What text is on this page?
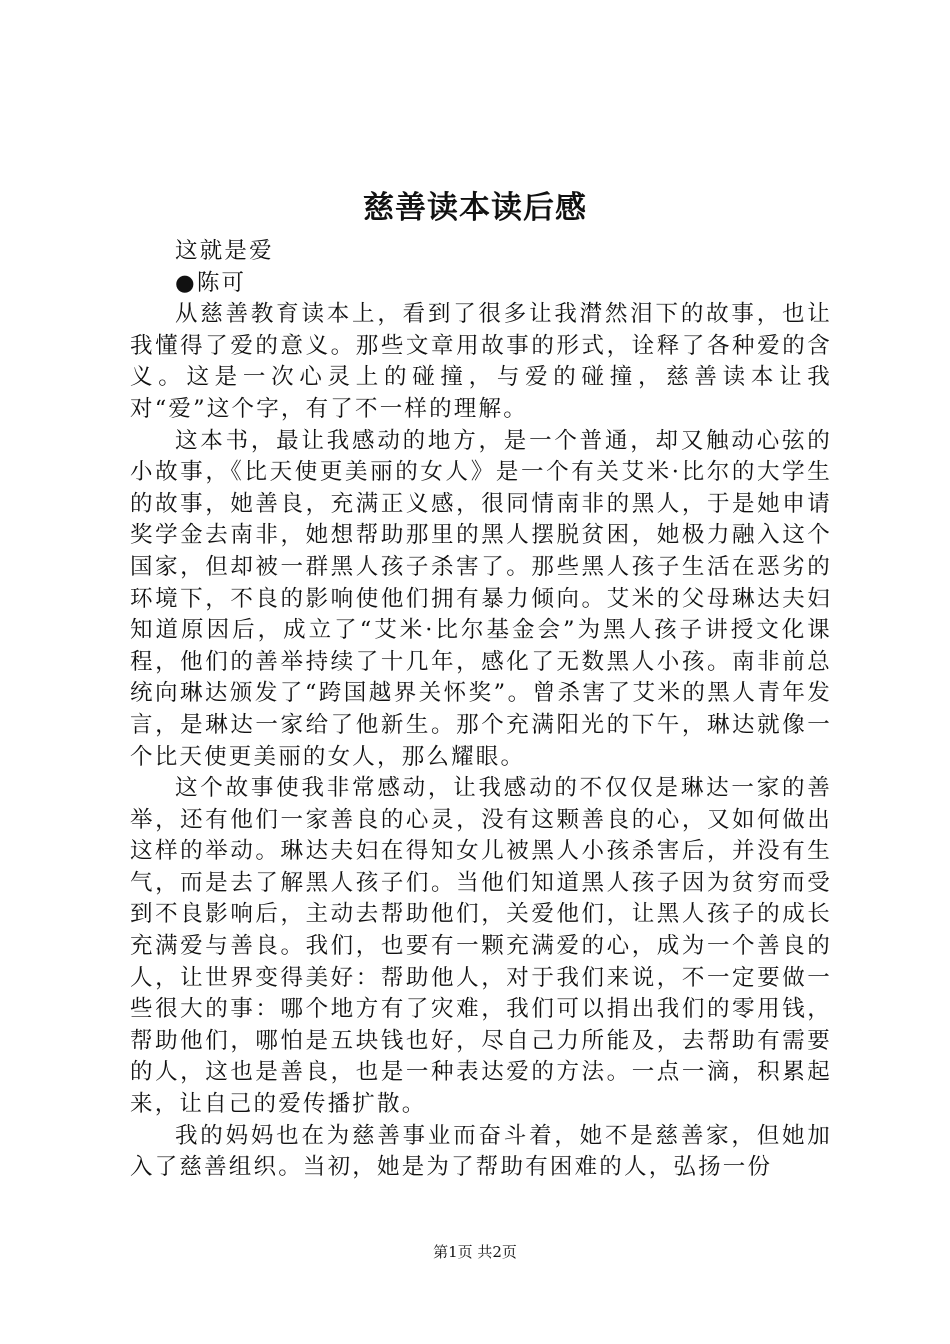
慈善读本读后感

这就是爱

●陈可

从慈善教育读本上，看到了很多让我潸然泪下的故事，也让我懂得了爱的意义。那些文章用故事的形式，诠释了各种爱的含义。这是一次心灵上的碰撞，与爱的碰撞，慈善读本让我对“爱”这个字，有了不一样的理解。

这本书，最让我感动的地方，是一个普通，却又触动心弦的小故事，《比天使更美丽的女人》是一个有关艾米·比尔的大学生的故事，她善良，充满正义感，很同情南非的黑人，于是她申请奖学金去南非，她想帮助那里的黑人摆脱贫困，她极力融入这个国家，但却被一群黑人孩子杀害了。那些黑人孩子生活在恶劣的环境下，不良的影响使他们拥有暴力倾向。艾米的父母琳达夫妇知道原因后，成立了“艾米·比尔基金会”为黑人孩子讲授文化课程，他们的善举持续了十几年，感化了无数黑人小孩。南非前总统向琳达颁发了“跨国越界关怀奖”。曾杀害了艾米的黑人青年发言，是琳达一家给了他新生。那个充满阳光的下午，琳达就像一个比天使更美丽的女人，那么耀眼。

这个故事使我非常感动，让我感动的不仅仅是琳达一家的善举，还有他们一家善良的心灵，没有这颗善良的心，又如何做出这样的举动。琳达夫妇在得知女儿被黑人小孩杀害后，并没有生气，而是去了解黑人孩子们。当他们知道黑人孩子因为贫穷而受到不良影响后，主动去帮助他们，关爱他们，让黑人孩子的成长充满爱与善良。我们，也要有一颗充满爱的心，成为一个善良的人，让世界变得美好：帮助他人，对于我们来说，不一定要做一些很大的事：哪个地方有了灾难，我们可以捐出我们的零用钱，帮助他们，哪怕是五块钱也好，尽自己力所能及，去帮助有需要的人，这也是善良，也是一种表达爱的方法。一点一滴，积累起来，让自己的爱传播扩散。

我的妈妈也在为慈善事业而奋斗着，她不是慈善家，但她加入了慈善组织。当初，她是为了帮助有困难的人，弘扬一份

第1页 共2页
